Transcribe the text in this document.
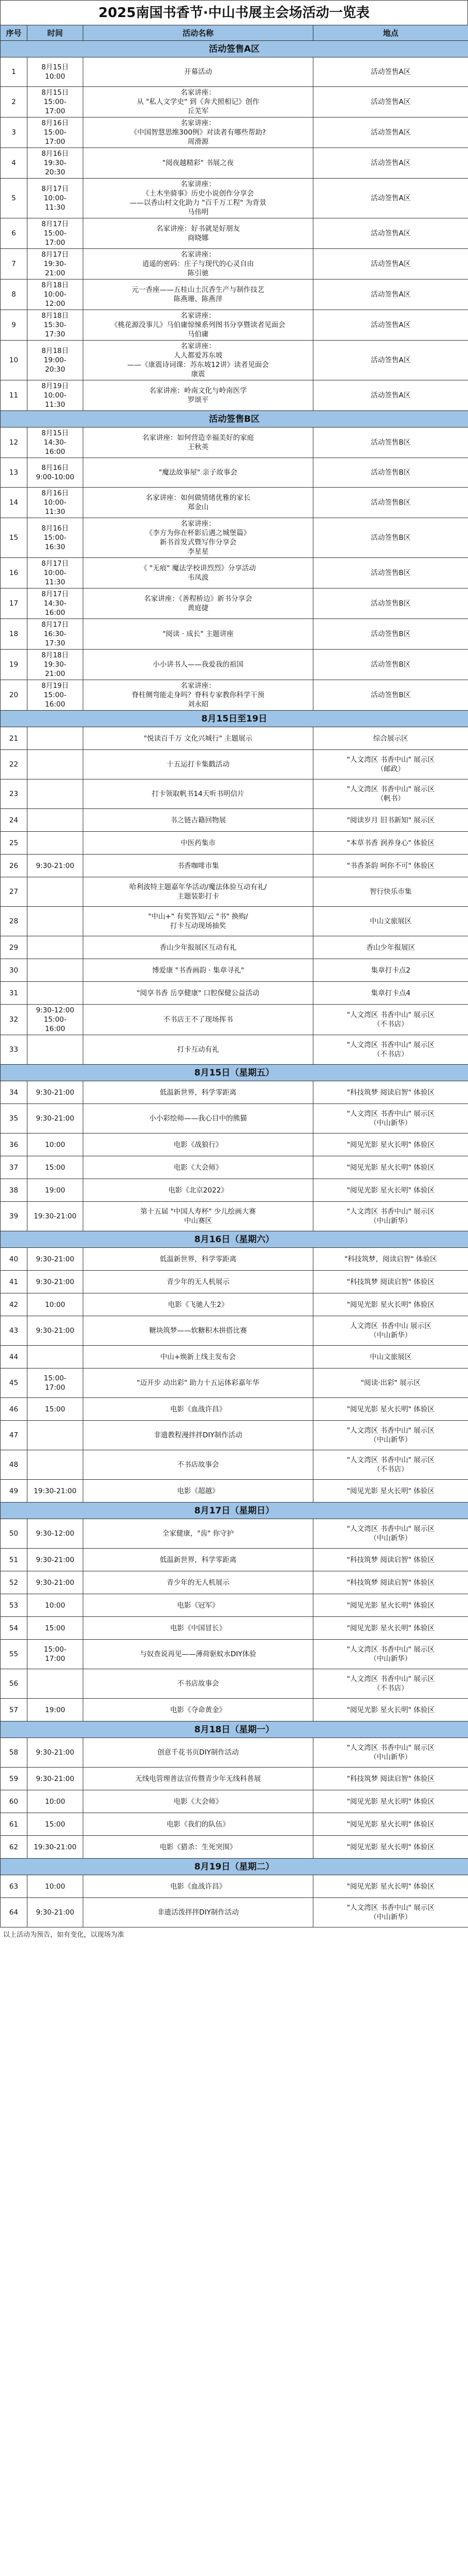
2025南国书香节·中山书展主会场活动一览表
序号	时间	活动名称	地点
活动签售A区			
1	8月15日
10:00	开幕活动	活动签售A区
2	8月15日
15:00-
17:00	名家讲座：
从 "私人文学史" 到《奔犬照相记》创作
丘芜军	活动签售A区
3	8月16日
15:00-
17:00	名家讲座：
《中国智慧思维300例》对读者有哪些帮助?
周滑源	活动签售A区
4	8月16日
19:30-
20:30	"阅夜越精彩" 书展之夜	活动签售A区
5	8月17日
10:00-
11:30	名家讲座：
《土木坐骑事》历史小说创作分享会
——以香山村文化助力 "百千万工程" 为背景
马伟明	活动签售A区
6	8月17日
15:00-
17:00	名家讲座：好书就是好朋友
商晓娜	活动签售A区
7	8月17日
19:30-
21:00	名家讲座：
逍遥的密码：庄子与现代的心灵自由
陈引驰	活动签售A区
8	8月18日
10:00-
12:00	元一香座——五桂山土沉香生产与制作技艺
陈燕珊、陈燕萍	活动签售A区
9	8月18日
15:30-
17:30	名家讲座：
《桃花源没事儿》马伯庸惊悚系列图书分享暨读者见面会
马伯庸	活动签售A区
10	8月18日
19:00-
20:30	名家讲座：
人人都爱苏东坡
——《康震诗词课：苏东坡12讲》读者见面会
康震	活动签售A区
11	8月19日
10:00-
11:30	名家讲座：岭南文化与岭南医学
罗颂平	活动签售A区
活动签售B区			
12	8月15日
14:30-
16:00	名家讲座：如何营造幸福美好的家庭
王秋英	活动签售B区
13	8月16日
9:00-10:00	"魔法故事屋" 亲子故事会	活动签售B区
14	8月16日
10:00-
11:30	名家讲座：如何做情绪优雅的家长
郑金山	活动签售B区
15	8月16日
15:00-
16:30	名家讲座：
《李方为你在杯影后遇之城堡篇》
新书首发式暨写作分享会
李星星	活动签售B区
16	8月17日
10:00-
11:30	《 "无痕" 魔法学校讲烈烈》分享活动
韦凤波	活动签售B区
17	8月17日
14:30-
16:00	名家讲座：《善程桥边》新书分享会
黄庭捷	活动签售B区
18	8月17日
16:30-
17:30	"阅读 · 成长" 主题讲座	活动签售B区
19	8月18日
19:30-
21:00	小小讲书人——我爱我的祖国	活动签售B区
20	8月19日
15:00-
16:00	名家讲座：
脊柱侧弯能走身吗？脊科专家教你科学干预
刘永昭	活动签售B区
8月15日至19日			
21		"悦读百千万 文化兴城行" 主题展示	综合展示区
22		十五运打卡集戳活动	"人文湾区 书香中山" 展示区
（邮政）
23		打卡领取帆书14天听书明信片	"人文湾区 书香中山" 展示区
（帆书）
24		书之链古籍回物展	"阅读岁月 旧书新知" 展示区
25		中医药集市	"本草书香 润养身心" 体验区
26	9:30-21:00	书香咖啡市集	"书香茶韵 呵你不可" 体验区
27		哈利波特主题嘉年华活动/魔法体验互动有礼/
主题装影打卡	智行快乐市集
28		"中山+" 有奖答知/云 "书" 换购/
打卡互动现场抽奖	中山文旅展区
29		香山少年报展区互动有礼	香山少年报展区
30		博爱康 "书香画韵 · 集章寻礼"	集章打卡点2
31		"阅享书香 岳享健康" 口腔保健公益活动	集章打卡点4
32	9:30-12:00
15:00-
16:00	不书店王不了现场挥书	"人文湾区 书香中山" 展示区
（不书店）
33		打卡互动有礼	"人文湾区 书香中山" 展示区
（不书店）
8月15日（星期五）			
34	9:30-21:00	低温新世界，科学零距离	"科技筑梦 阅读启智" 体验区
35	9:30-21:00	小小彩绘师——我心目中的熊猫	"人文湾区 书香中山" 展示区
（中山新华）
36	10:00	电影《战狼行》	"阅见光影 星火长明" 体验区
37	15:00	电影《大会师》	"阅见光影 星火长明" 体验区
38	19:00	电影《北京2022》	"阅见光影 星火长明" 体验区
39	19:30-21:00	第十五届 "中国人寿杯" 少儿绘画大赛
中山赛区	"人文湾区 书香中山" 展示区
（中山新华）
8月16日（星期六）			
40	9:30-21:00	低温新世界，科学零距离	"科技筑梦，阅读启智" 体验区
41	9:30-21:00	青少年的无人机展示	"科技筑梦 阅读启智" 体验区
42	10:00	电影《飞驰人生2》	"阅见光影 星火长明" 体验区
43	9:30-21:00	糖块筑梦——软糖积木拼搭比赛	人文湾区 书香中山 展示区
（中山新华）
44		中山+焕新上线主发布会	中山文旅展区
45	15:00-
17:00	"迈开步 动出彩" 助力十五运体彩嘉年华	"阅读·出彩" 展示区
46	15:00	电影《血战许昌》	"阅见光影 星火长明" 体验区
47		非遗教程漫拌拌DIY制作活动	"人文湾区 书香中山" 展示区
（中山新华）
48		不书店故事会	"人文湾区 书香中山" 展示区
（不书店）
49	19:30-21:00	电影《超越》	"阅见光影 星火长明" 体验区
8月17日（星期日）			
50	9:30-12:00	全家健康，"齿" 你守护	"人文湾区 书香中山" 展示区
（中山新华）
51	9:30-21:00	低温新世界，科学零距离	"科技筑梦 阅读启智" 体验区
52	9:30-21:00	青少年的无人机展示	"科技筑梦 阅读启智" 体验区
53	10:00	电影《冠军》	"阅见光影 星火长明" 体验区
54	15:00	电影《中国冒长》	"阅见光影 星火长明" 体验区
55	15:00-
17:00	与奴查说再见——薄荷驱蚊水DIY体验	"人文湾区 书香中山" 展示区
（中山新华）
56		不书店故事会	"人文湾区 书香中山" 展示区
（不书店）
57	19:00	电影《夺命黄金》	"阅见光影 星火长明" 体验区
8月18日（星期一）			
58	9:30-21:00	创意千花书页DIY制作活动	"人文湾区 书香中山" 展示区
（中山新华）
59	9:30-21:00	无线电管理普法宣传暨青少年无线科普展	"科技筑梦 阅读启智" 体验区
60	10:00	电影《大会师》	"阅见光影 星火长明" 体验区
61	15:00	电影《我们的队伍》	"阅见光影 星火长明" 体验区
62	19:30-21:00	电影《猎杀：生死突围》	"阅见光影 星火长明" 体验区
8月19日（星期二）			
63	10:00	电影《血战许昌》	"阅见光影 星火长明" 体验区
64	9:30-21:00	非遗活泼拌拌DIY制作活动	"人文湾区 书香中山" 展示区
（中山新华）
以上活动为预告，如有变化，以现场为准
